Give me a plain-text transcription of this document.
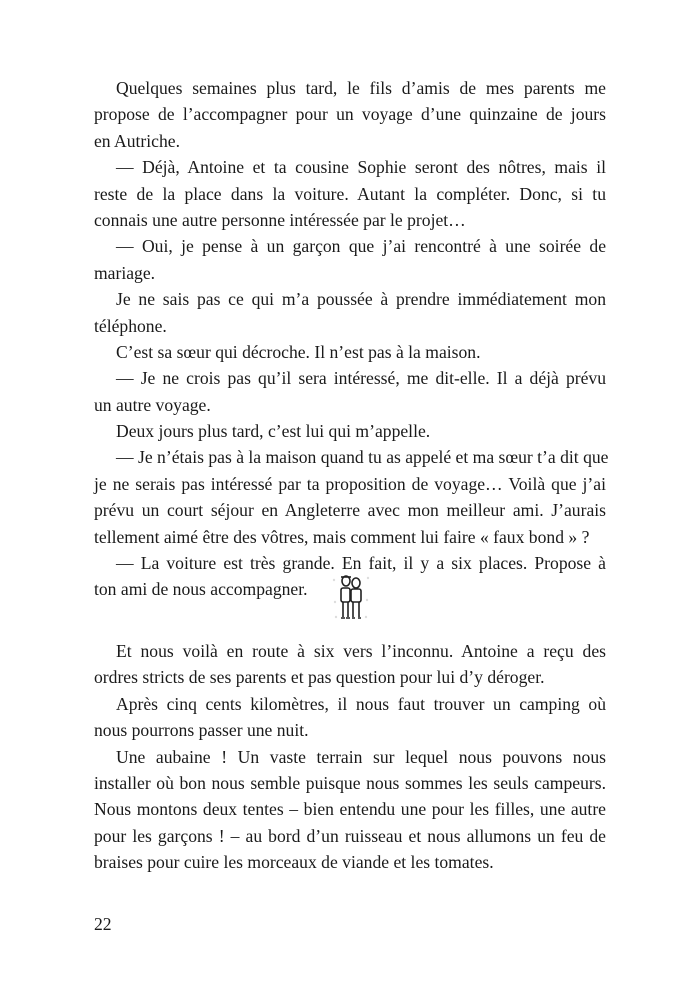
Quelques semaines plus tard, le fils d’amis de mes parents me
propose de l’accompagner pour un voyage d’une quinzaine de jours
en Autriche.
— Déjà, Antoine et ta cousine Sophie seront des nôtres, mais il
reste de la place dans la voiture. Autant la compléter. Donc, si tu
connais une autre personne intéressée par le projet…
— Oui, je pense à un garçon que j’ai rencontré à une soirée de
mariage.
Je ne sais pas ce qui m’a poussée à prendre immédiatement mon
téléphone.
C’est sa sœur qui décroche. Il n’est pas à la maison.
— Je ne crois pas qu’il sera intéressé, me dit-elle. Il a déjà prévu
un autre voyage.
Deux jours plus tard, c’est lui qui m’appelle.
— Je n’étais pas à la maison quand tu as appelé et ma sœur t’a dit que
je ne serais pas intéressé par ta proposition de voyage… Voilà que j’ai
prévu un court séjour en Angleterre avec mon meilleur ami. J’aurais
tellement aimé être des vôtres, mais comment lui faire « faux bond » ?
— La voiture est très grande. En fait, il y a six places. Propose à
ton ami de nous accompagner.
Et nous voilà en route à six vers l’inconnu. Antoine a reçu des
ordres stricts de ses parents et pas question pour lui d’y déroger.
Après cinq cents kilomètres, il nous faut trouver un camping où
nous pourrons passer une nuit.
Une aubaine ! Un vaste terrain sur lequel nous pouvons nous
installer où bon nous semble puisque nous sommes les seuls campeurs.
Nous montons deux tentes – bien entendu une pour les filles, une autre
pour les garçons ! – au bord d’un ruisseau et nous allumons un feu de
braises pour cuire les morceaux de viande et les tomates.
22
